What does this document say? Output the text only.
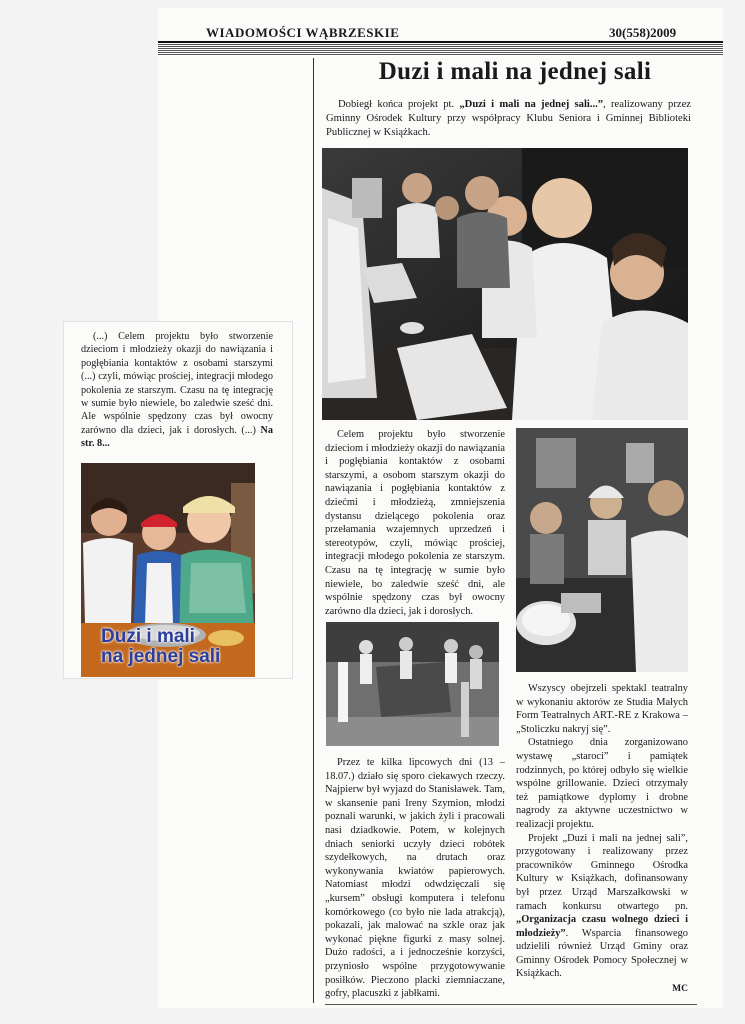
WIADOMOŚCI WĄBRZESKIE	30(558)2009
Duzi i mali na jednej sali

Dobiegł końca projekt pt. „Duzi i mali na jednej sali...”, realizowany przez Gminny Ośrodek Kultury przy współpracy Klubu Seniora i Gminnej Biblioteki Publicznej w Książkach.

Celem projektu było stworzenie dzieciom i młodzieży okazji do nawiązania i pogłębiania kontaktów z osobami starszymi, a osobom starszym okazji do nawiązania i pogłębiania kontaktów z dziećmi i młodzieżą, zmniejszenia dystansu dzielącego pokolenia oraz przełamania wzajemnych uprzedzeń i stereotypów, czyli, mówiąc prościej, integracji młodego pokolenia ze starszym. Czasu na tę integrację w sumie było niewiele, bo zaledwie sześć dni, ale wspólnie spędzony czas był owocny zarówno dla dzieci, jak i dorosłych.

Przez te kilka lipcowych dni (13 – 18.07.) działo się sporo ciekawych rzeczy. Najpierw był wyjazd do Stanisławek. Tam, w skansenie pani Ireny Szymion, młodzi poznali warunki, w jakich żyli i pracowali nasi dziadkowie. Potem, w kolejnych dniach seniorki uczyły dzieci robótek szydełkowych, na drutach oraz wykonywania kwiatów papierowych. Natomiast młodzi odwdzięczali się „kursem” obsługi komputera i telefonu komórkowego (co było nie lada atrakcją), pokazali, jak malować na szkle oraz jak wykonać piękne figurki z masy solnej. Dużo radości, a i jednocześnie korzyści, przyniosło wspólne przygotowywanie posiłków. Pieczono placki ziemniaczane, gofry, placuszki z jabłkami.

Wszyscy obejrzeli spektakl teatralny w wykonaniu aktorów ze Studia Małych Form Teatralnych ART.-RE z Krakowa – „Stoliczku nakryj się”.

Ostatniego dnia zorganizowano wystawę „staroci” i pamiątek rodzinnych, po której odbyło się wielkie wspólne grillowanie. Dzieci otrzymały też pamiątkowe dyplomy i drobne nagrody za aktywne uczestnictwo w realizacji projektu.

Projekt „Duzi i mali na jednej sali”, przygotowany i realizowany przez pracowników Gminnego Ośrodka Kultury w Książkach, dofinansowany był przez Urząd Marszałkowski w ramach konkursu otwartego pn. „Organizacja czasu wolnego dzieci i młodzieży”. Wsparcia finansowego udzielili również Urząd Gminy oraz Gminny Ośrodek Pomocy Społecznej w Książkach.

MC

(...) Celem projektu było stworzenie dzieciom i młodzieży okazji do nawiązania i pogłębiania kontaktów z osobami starszymi (...) czyli, mówiąc prościej, integracji młodego pokolenia ze starszym. Czasu na tę integrację w sumie było niewiele, bo zaledwie sześć dni. Ale wspólnie spędzony czas był owocny zarówno dla dzieci, jak i dorosłych. (...) Na str. 8...

Duzi i mali
na jednej sali
